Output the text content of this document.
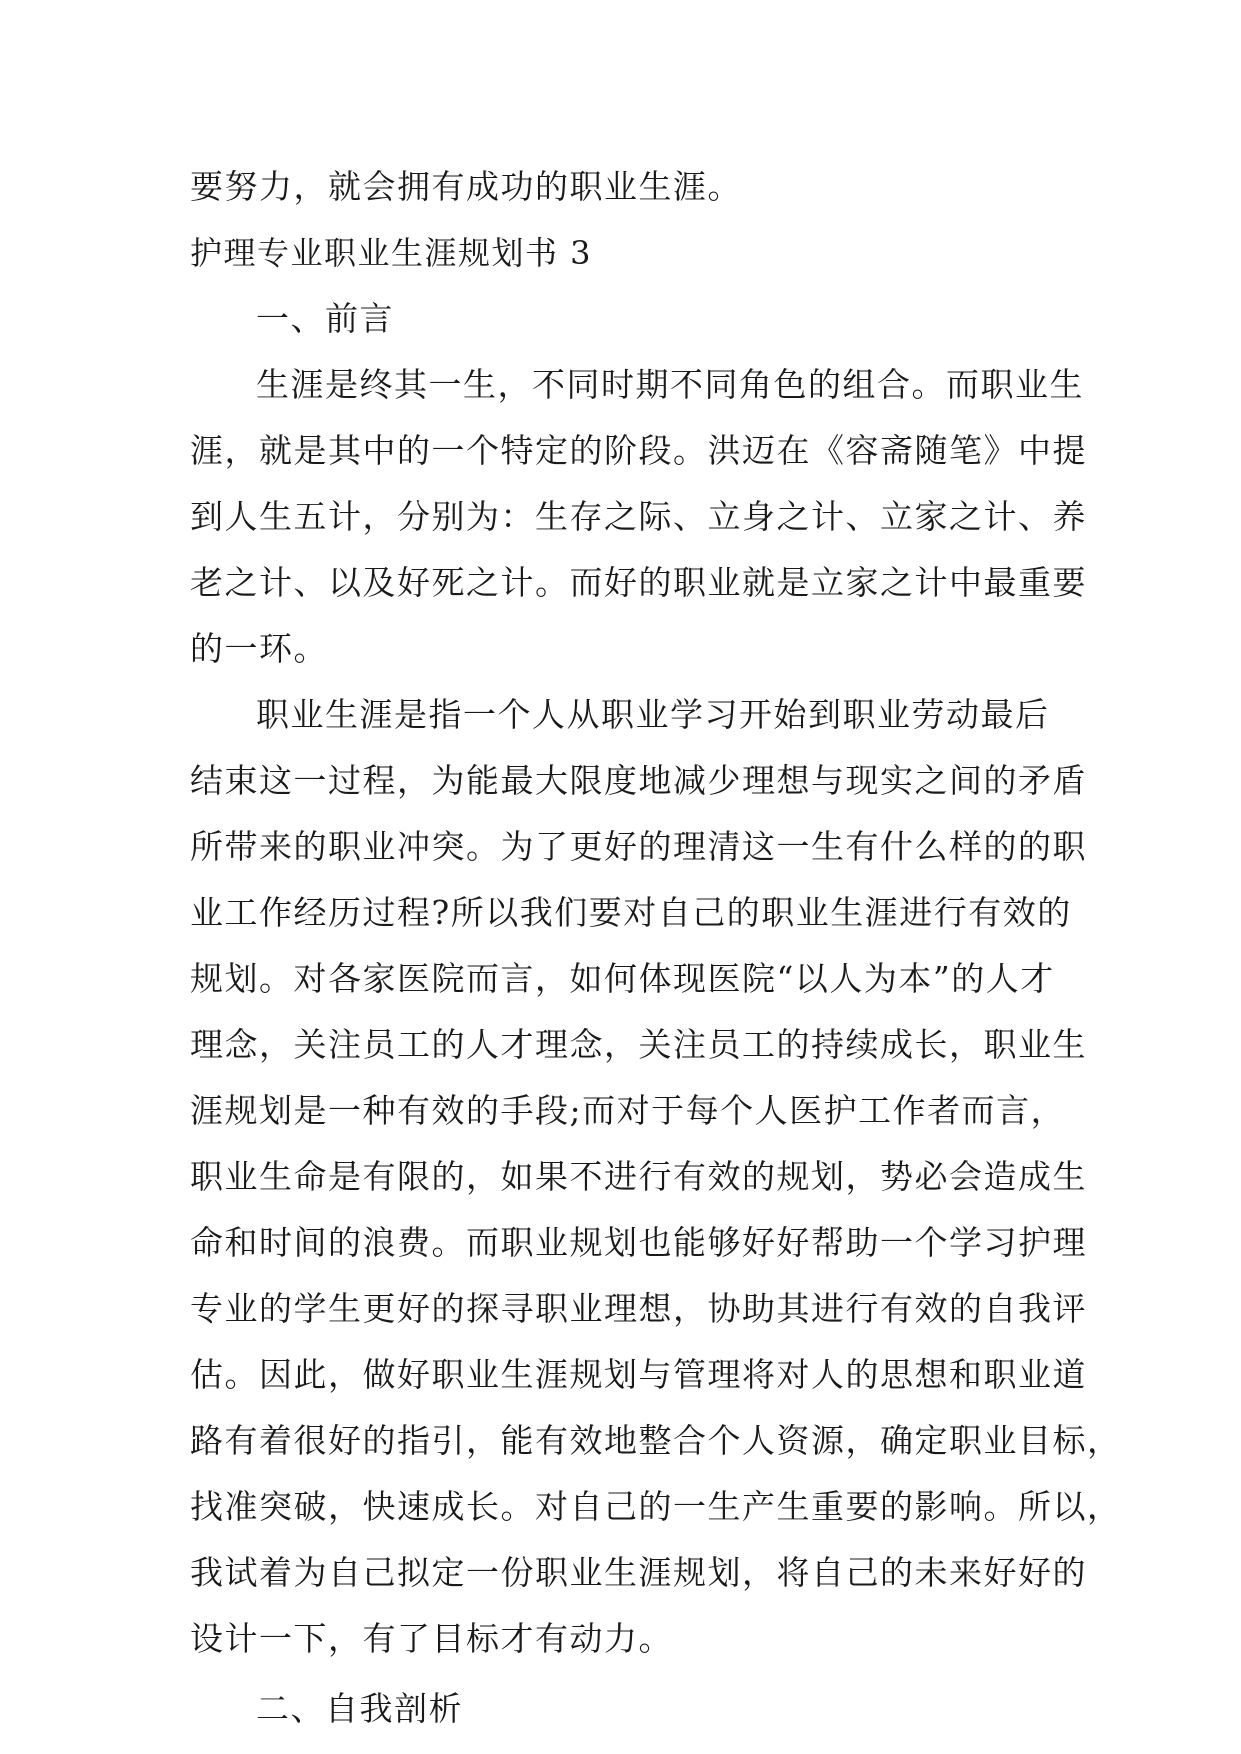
要努力，就会拥有成功的职业生涯。
护理专业职业生涯规划书 3
一、前言
生涯是终其一生，不同时期不同角色的组合。而职业生
涯，就是其中的一个特定的阶段。洪迈在《容斋随笔》中提
到人生五计，分别为：生存之际、立身之计、立家之计、养
老之计、以及好死之计。而好的职业就是立家之计中最重要
的一环。
职业生涯是指一个人从职业学习开始到职业劳动最后
结束这一过程，为能最大限度地减少理想与现实之间的矛盾
所带来的职业冲突。为了更好的理清这一生有什么样的的职
业工作经历过程?所以我们要对自己的职业生涯进行有效的
规划。对各家医院而言，如何体现医院“以人为本”的人才
理念，关注员工的人才理念，关注员工的持续成长，职业生
涯规划是一种有效的手段;而对于每个人医护工作者而言，
职业生命是有限的，如果不进行有效的规划，势必会造成生
命和时间的浪费。而职业规划也能够好好帮助一个学习护理
专业的学生更好的探寻职业理想，协助其进行有效的自我评
估。因此，做好职业生涯规划与管理将对人的思想和职业道
路有着很好的指引，能有效地整合个人资源，确定职业目标，
找准突破，快速成长。对自己的一生产生重要的影响。所以，
我试着为自己拟定一份职业生涯规划，将自己的未来好好的
设计一下，有了目标才有动力。
二、自我剖析
